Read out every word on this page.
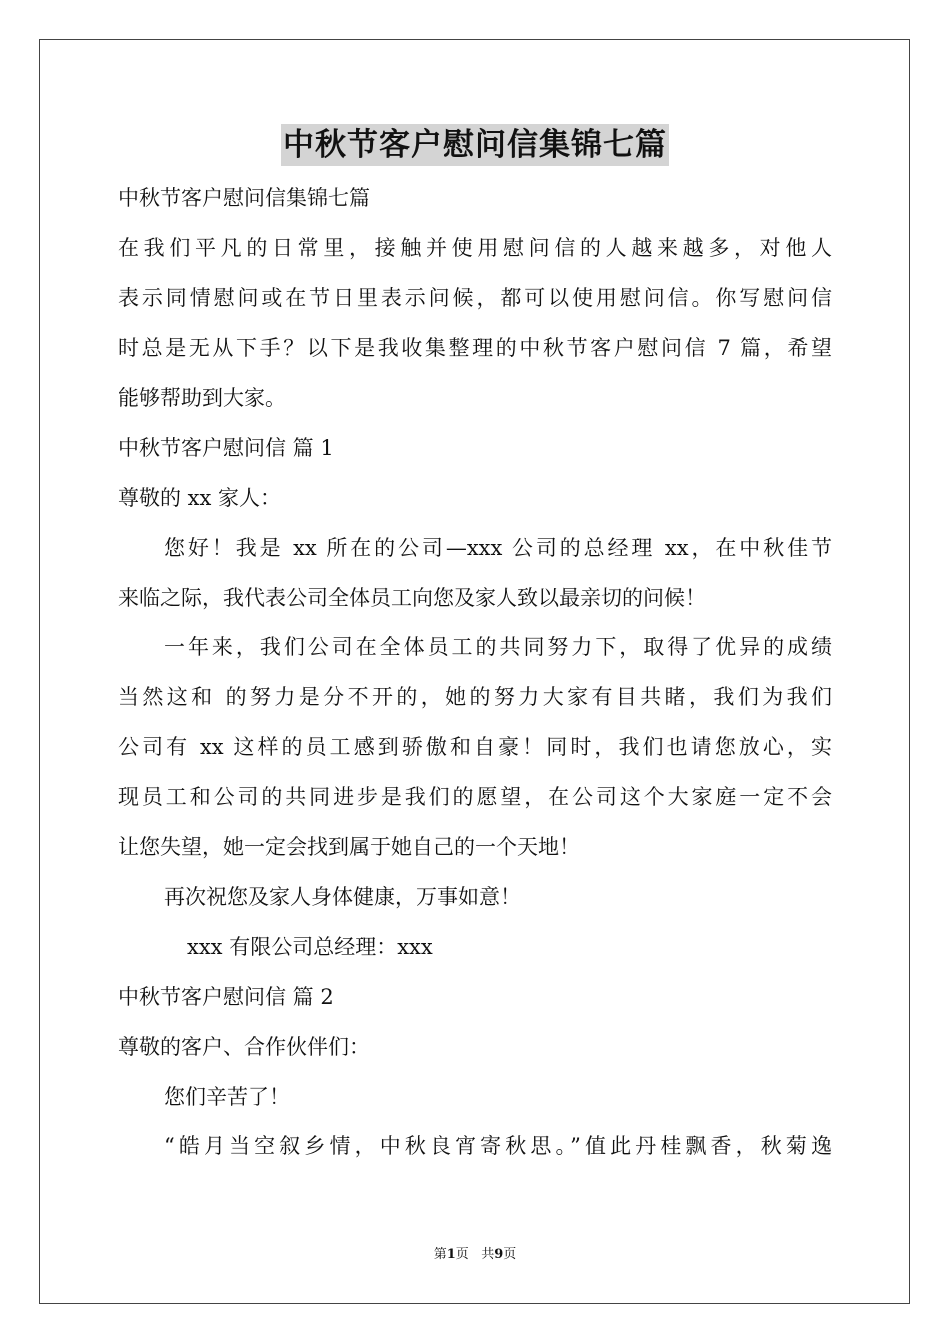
中秋节客户慰问信集锦七篇
中秋节客户慰问信集锦七篇
在我们平凡的日常里，接触并使用慰问信的人越来越多，对他人
表示同情慰问或在节日里表示问候，都可以使用慰问信。你写慰问信
时总是无从下手？以下是我收集整理的中秋节客户慰问信 7 篇，希望
能够帮助到大家。
中秋节客户慰问信 篇 1
尊敬的 xx 家人：
您好！我是 xx 所在的公司—xxx 公司的总经理 xx，在中秋佳节
来临之际，我代表公司全体员工向您及家人致以最亲切的问候！
一年来，我们公司在全体员工的共同努力下，取得了优异的成绩
当然这和 的努力是分不开的，她的努力大家有目共睹，我们为我们
公司有 xx 这样的员工感到骄傲和自豪！同时，我们也请您放心，实
现员工和公司的共同进步是我们的愿望，在公司这个大家庭一定不会
让您失望，她一定会找到属于她自己的一个天地！
再次祝您及家人身体健康，万事如意！
xxx 有限公司总经理：xxx
中秋节客户慰问信 篇 2
尊敬的客户、合作伙伴们：
您们辛苦了！
“皓月当空叙乡情，中秋良宵寄秋思。”值此丹桂飘香，秋菊逸
第1页 共9页
